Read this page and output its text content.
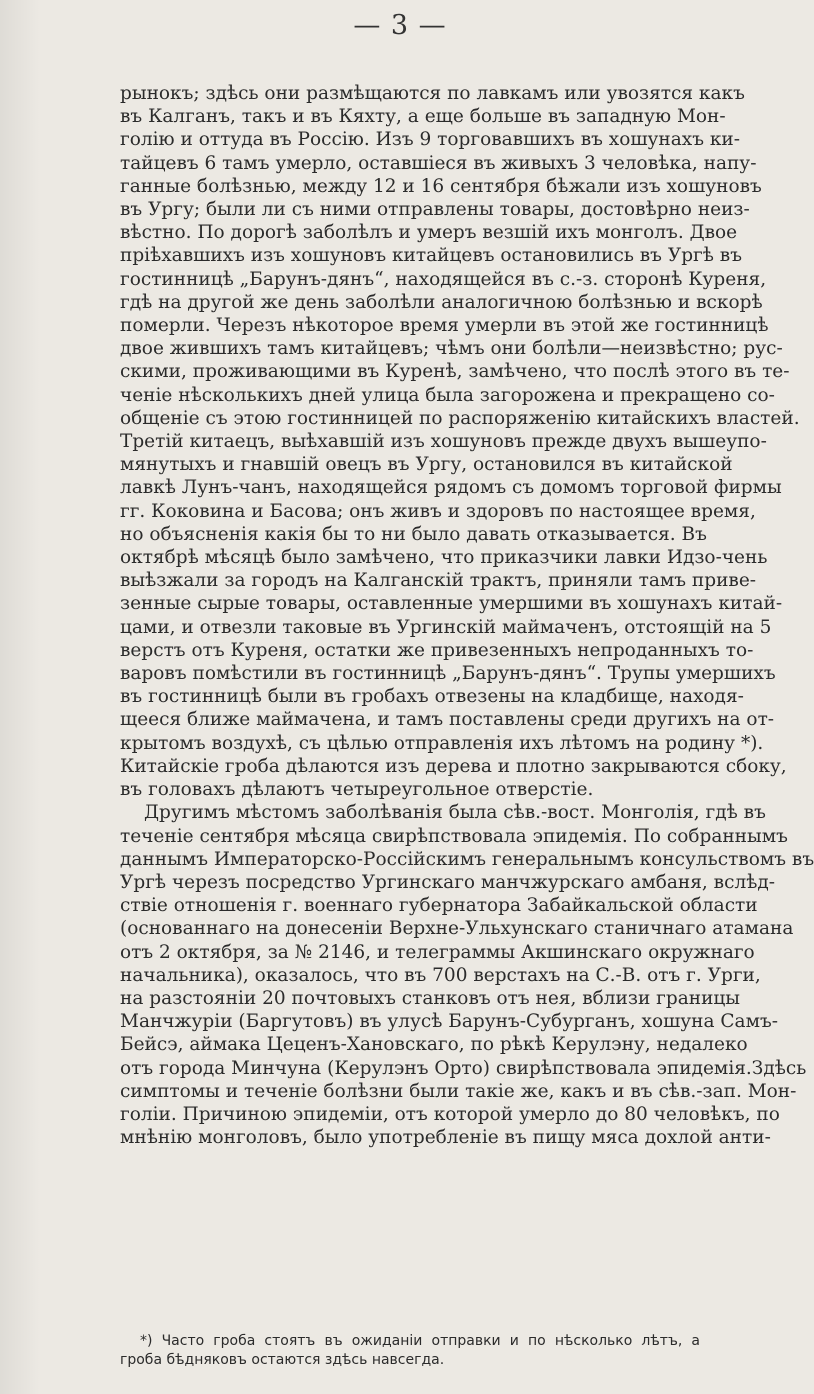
— 3 —
рынокъ; здѣсь они размѣщаются по лавкамъ или увозятся какъ
въ Калганъ, такъ и въ Кяхту, а еще больше въ западную Мон-
голію и оттуда въ Россію. Изъ 9 торговавшихъ въ хошунахъ ки-
тайцевъ 6 тамъ умерло, оставшіеся въ живыхъ 3 человѣка, напу-
ганные болѣзнью, между 12 и 16 сентября бѣжали изъ хошуновъ
въ Ургу; были ли съ ними отправлены товары, достовѣрно неиз-
вѣстно. По дорогѣ заболѣлъ и умеръ везшій ихъ монголъ. Двое
пріѣхавшихъ изъ хошуновъ китайцевъ остановились въ Ургѣ въ
гостинницѣ „Барунъ-дянъ“, находящейся въ с.-з. сторонѣ Куреня,
гдѣ на другой же день заболѣли аналогичною болѣзнью и вскорѣ
померли. Черезъ нѣкоторое время умерли въ этой же гостинницѣ
двое жившихъ тамъ китайцевъ; чѣмъ они болѣли—неизвѣстно; рус-
скими, проживающими въ Куренѣ, замѣчено, что послѣ этого въ те-
ченіе нѣсколькихъ дней улица была загорожена и прекращено со-
общеніе съ этою гостинницей по распоряженію китайскихъ властей.
Третій китаецъ, выѣхавшій изъ хошуновъ прежде двухъ вышеупо-
мянутыхъ и гнавшій овецъ въ Ургу, остановился въ китайской
лавкѣ Лунъ-чанъ, находящейся рядомъ съ домомъ торговой фирмы
гг. Коковина и Басова; онъ живъ и здоровъ по настоящее время,
но объясненія какія бы то ни было давать отказывается. Въ
октябрѣ мѣсяцѣ было замѣчено, что приказчики лавки Идзо-чень
выѣзжали за городъ на Калганскій трактъ, приняли тамъ приве-
зенные сырые товары, оставленные умершими въ хошунахъ китай-
цами, и отвезли таковые въ Ургинскій маймаченъ, отстоящій на 5
верстъ отъ Куреня, остатки же привезенныхъ непроданныхъ то-
варовъ помѣстили въ гостинницѣ „Барунъ-дянъ“. Трупы умершихъ
въ гостинницѣ были въ гробахъ отвезены на кладбище, находя-
щееся ближе маймачена, и тамъ поставлены среди другихъ на от-
крытомъ воздухѣ, съ цѣлью отправленія ихъ лѣтомъ на родину *).
Китайскіе гроба дѣлаются изъ дерева и плотно закрываются сбоку,
въ головахъ дѣлаютъ четыреугольное отверстіе.
Другимъ мѣстомъ заболѣванія была сѣв.-вост. Монголія, гдѣ въ
теченіе сентября мѣсяца свирѣпствовала эпидемія. По собраннымъ
даннымъ Императорско-Россійскимъ генеральнымъ консульствомъ въ
Ургѣ черезъ посредство Ургинскаго манчжурскаго амбаня, вслѣд-
ствіе отношенія г. военнаго губернатора Забайкальской области
(основаннаго на донесеніи Верхне-Ульхунскаго станичнаго атамана
отъ 2 октября, за № 2146, и телеграммы Акшинскаго окружнаго
начальника), оказалось, что въ 700 верстахъ на С.-В. отъ г. Урги,
на разстояніи 20 почтовыхъ станковъ отъ нея, вблизи границы
Манчжуріи (Баргутовъ) въ улусѣ Барунъ-Субурганъ, хошуна Самъ-
Бейсэ, аймака Цеценъ-Хановскаго, по рѣкѣ Керулэну, недалеко
отъ города Минчуна (Керулэнъ Орто) свирѣпствовала эпидемія.Здѣсь
симптомы и теченіе болѣзни были такіе же, какъ и въ сѣв.-зап. Мон-
голіи. Причиною эпидеміи, отъ которой умерло до 80 человѣкъ, по
мнѣнію монголовъ, было употребленіе въ пищу мяса дохлой анти-
*) Часто гроба стоятъ въ ожиданіи отправки и по нѣсколько лѣтъ, а
гроба бѣдняковъ остаются здѣсь навсегда.
